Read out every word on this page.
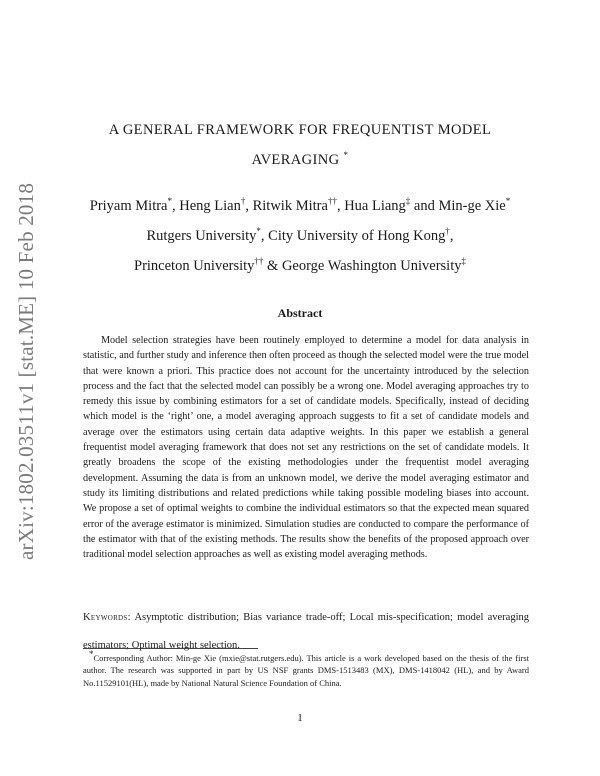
arXiv:1802.03511v1 [stat.ME] 10 Feb 2018
A GENERAL FRAMEWORK FOR FREQUENTIST MODEL
AVERAGING *
Priyam Mitra*, Heng Lian†, Ritwik Mitra††, Hua Liang‡ and Min-ge Xie*
Rutgers University*, City University of Hong Kong†,
Princeton University†† & George Washington University‡
Abstract
Model selection strategies have been routinely employed to determine a model for data analysis in statistic, and further study and inference then often proceed as though the selected model were the true model that were known a priori. This practice does not account for the uncertainty introduced by the selection process and the fact that the selected model can possibly be a wrong one. Model averaging approaches try to remedy this issue by combining estimators for a set of candidate models. Specifically, instead of deciding which model is the ‘right’ one, a model averaging approach suggests to fit a set of candidate models and average over the estimators using certain data adaptive weights. In this paper we establish a general frequentist model averaging framework that does not set any restrictions on the set of candidate models. It greatly broadens the scope of the existing methodologies under the frequentist model averaging development. Assuming the data is from an unknown model, we derive the model averaging estimator and study its limiting distributions and related predictions while taking possible modeling biases into account. We propose a set of optimal weights to combine the individual estimators so that the expected mean squared error of the average estimator is minimized. Simulation studies are conducted to compare the performance of the estimator with that of the existing methods. The results show the benefits of the proposed approach over traditional model selection approaches as well as existing model averaging methods.
Keywords: Asymptotic distribution; Bias variance trade-off; Local mis-specification; model averaging estimators; Optimal weight selection.
*Corresponding Author: Min-ge Xie (mxie@stat.rutgers.edu). This article is a work developed based on the thesis of the first author. The research was supported in part by US NSF grants DMS-1513483 (MX), DMS-1418042 (HL), and by Award No.11529101(HL), made by National Natural Science Foundation of China.
1
